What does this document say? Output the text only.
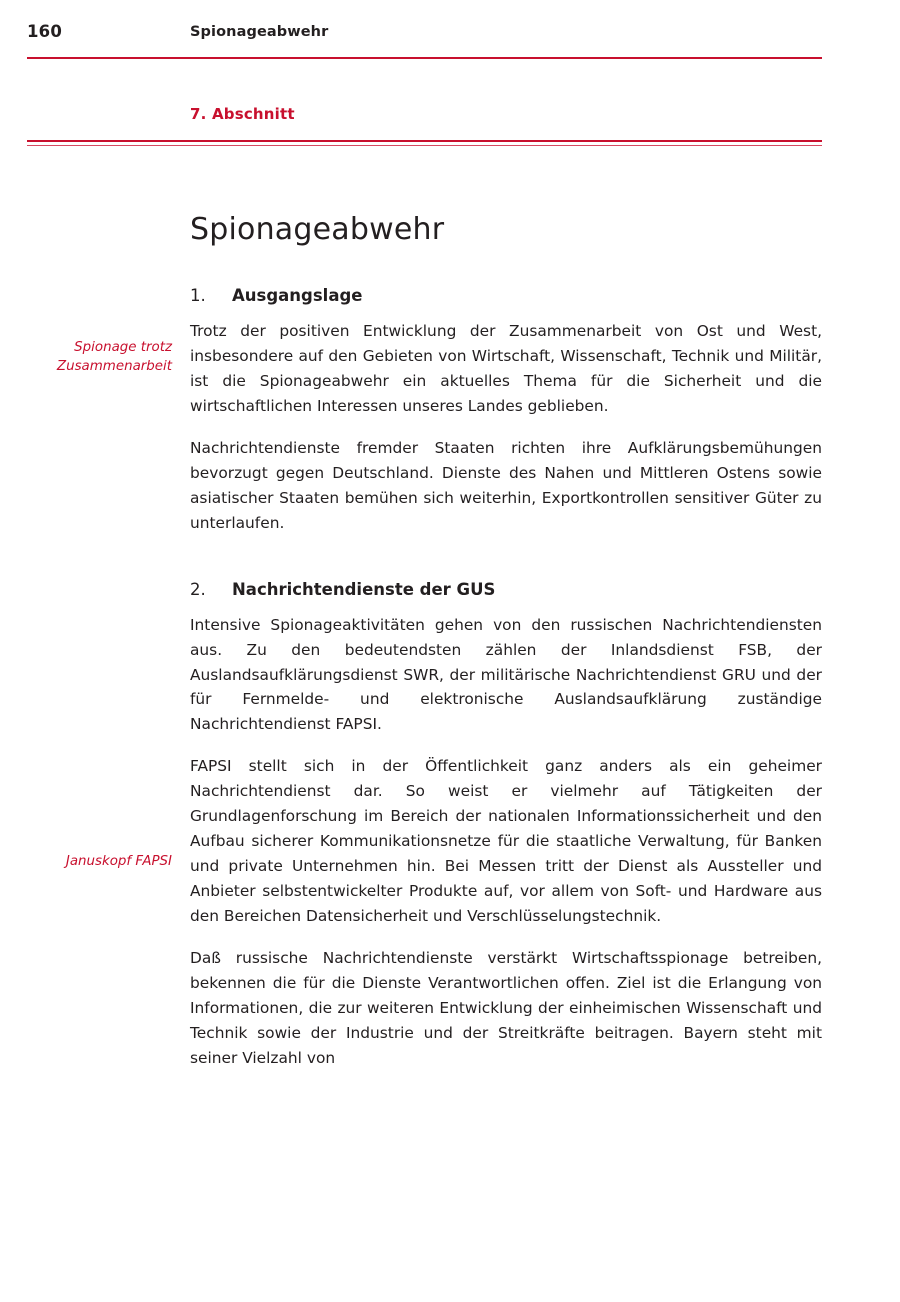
160	Spionageabwehr
7. Abschnitt
Spionageabwehr
Spionage trotz
Zusammenarbeit
Januskopf FAPSI
1. Ausgangslage

Trotz der positiven Entwicklung der Zusammenarbeit von Ost und West, insbesondere auf den Gebieten von Wirtschaft, Wissenschaft, Technik und Militär, ist die Spionageabwehr ein aktuelles Thema für die Sicherheit und die wirtschaftlichen Interessen unseres Landes geblieben.

Nachrichtendienste fremder Staaten richten ihre Aufklärungsbemühungen bevorzugt gegen Deutschland. Dienste des Nahen und Mittleren Ostens sowie asiatischer Staaten bemühen sich weiterhin, Exportkontrollen sensitiver Güter zu unterlaufen.

2. Nachrichtendienste der GUS

Intensive Spionageaktivitäten gehen von den russischen Nachrichtendiensten aus. Zu den bedeutendsten zählen der Inlandsdienst FSB, der Auslandsaufklärungsdienst SWR, der militärische Nachrichtendienst GRU und der für Fernmelde- und elektronische Auslandsaufklärung zuständige Nachrichtendienst FAPSI.

FAPSI stellt sich in der Öffentlichkeit ganz anders als ein geheimer Nachrichtendienst dar. So weist er vielmehr auf Tätigkeiten der Grundlagenforschung im Bereich der nationalen Informationssicherheit und den Aufbau sicherer Kommunikationsnetze für die staatliche Verwaltung, für Banken und private Unternehmen hin. Bei Messen tritt der Dienst als Aussteller und Anbieter selbstentwickelter Produkte auf, vor allem von Soft- und Hardware aus den Bereichen Datensicherheit und Verschlüsselungstechnik.

Daß russische Nachrichtendienste verstärkt Wirtschaftsspionage betreiben, bekennen die für die Dienste Verantwortlichen offen. Ziel ist die Erlangung von Informationen, die zur weiteren Entwicklung der einheimischen Wissenschaft und Technik sowie der Industrie und der Streitkräfte beitragen. Bayern steht mit seiner Vielzahl von
